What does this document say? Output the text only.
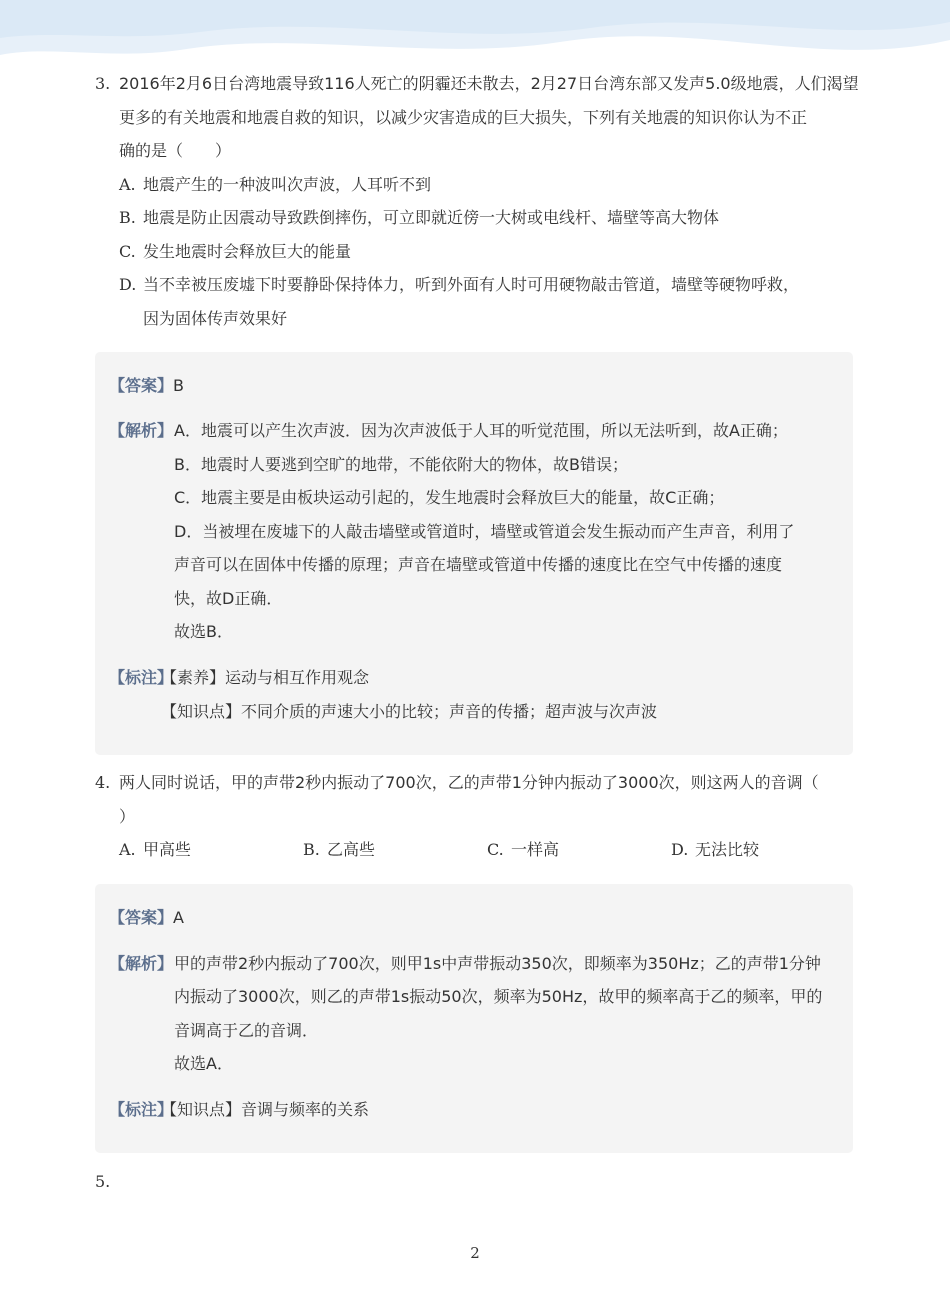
3. 2016年2月6日台湾地震导致116人死亡的阴霾还未散去，2月27日台湾东部又发声5.0级地震，人们渴望
更多的有关地震和地震自救的知识，以减少灾害造成的巨大损失，下列有关地震的知识你认为不正
确的是（　　）
A. 地震产生的一种波叫次声波，人耳听不到
B. 地震是防止因震动导致跌倒摔伤，可立即就近傍一大树或电线杆、墙壁等高大物体
C. 发生地震时会释放巨大的能量
D. 当不幸被压废墟下时要静卧保持体力，听到外面有人时可用硬物敲击管道，墙壁等硬物呼救，
因为固体传声效果好
【答案】B
【解析】 A．地震可以产生次声波．因为次声波低于人耳的听觉范围，所以无法听到，故A正确；
B．地震时人要逃到空旷的地带，不能依附大的物体，故B错误；
C．地震主要是由板块运动引起的，发生地震时会释放巨大的能量，故C正确；
D．当被埋在废墟下的人敲击墙壁或管道时，墙壁或管道会发生振动而产生声音，利用了
声音可以在固体中传播的原理；声音在墙壁或管道中传播的速度比在空气中传播的速度
快，故D正确．
故选B．
【标注】
【素养】运动与相互作用观念
【知识点】不同介质的声速大小的比较；声音的传播；超声波与次声波
4. 两人同时说话，甲的声带2秒内振动了700次，乙的声带1分钟内振动了3000次，则这两人的音调（
）
A. 甲高些	B. 乙高些	C. 一样高	D. 无法比较
【答案】A
【解析】 甲的声带2秒内振动了700次，则甲1s中声带振动350次，即频率为350Hz；乙的声带1分钟
内振动了3000次，则乙的声带1s振动50次，频率为50Hz，故甲的频率高于乙的频率，甲的
音调高于乙的音调．
故选A．
【标注】
【知识点】音调与频率的关系
5.
2
